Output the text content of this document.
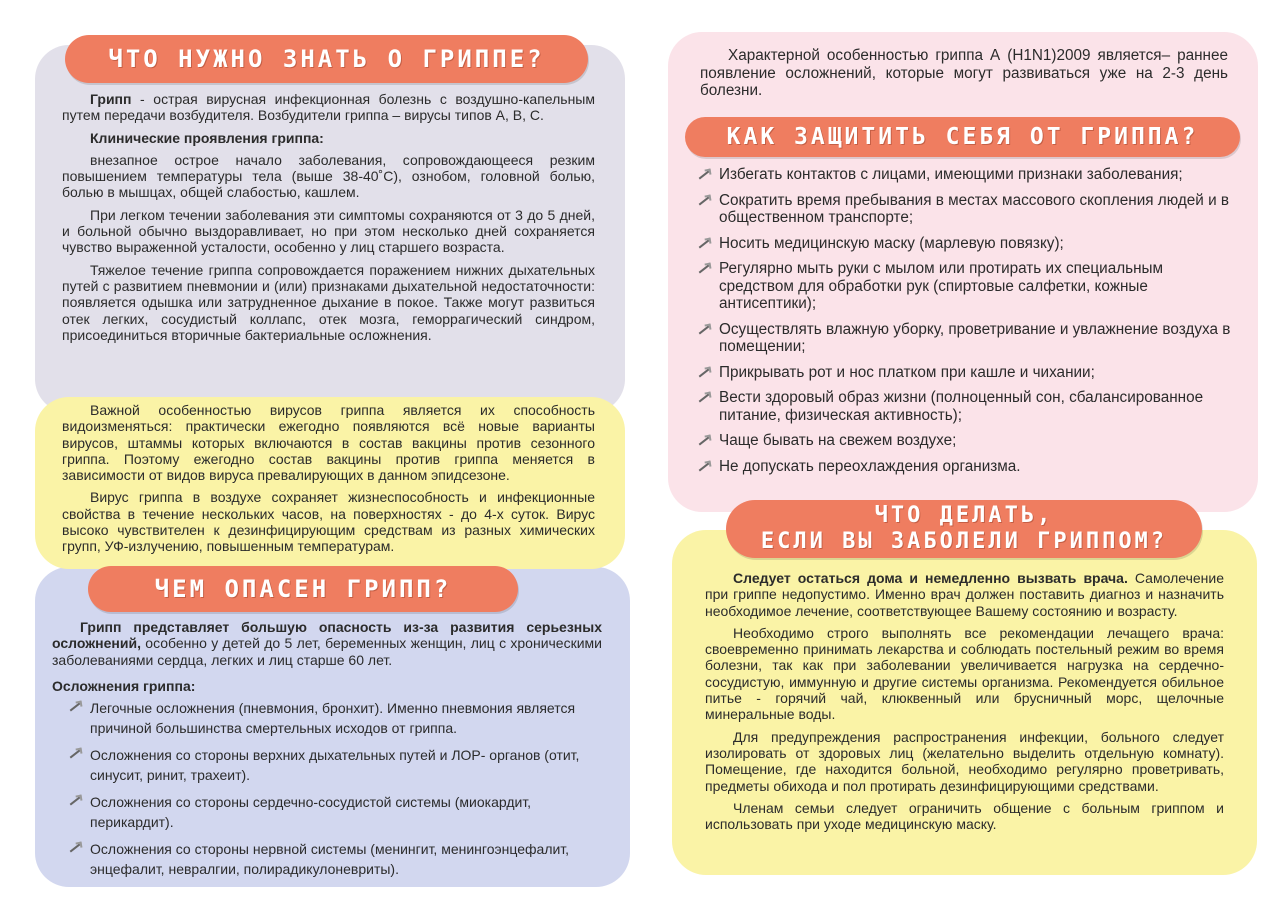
ЧТО НУЖНО ЗНАТЬ О ГРИППЕ?
КАК ЗАЩИТИТЬ СЕБЯ ОТ ГРИППА?
ЧЕМ ОПАСЕН ГРИПП?
ЧТО ДЕЛАТЬ,
ЕСЛИ ВЫ ЗАБОЛЕЛИ ГРИППОМ?

Грипп - острая вирусная инфекционная болезнь с воздушно-капельным путем передачи возбудителя. Возбудители гриппа – вирусы типов А, В, С.

Клинические проявления гриппа:

внезапное острое начало заболевания, сопровождающееся резким повышением температуры тела (выше 38-40˚С), ознобом, головной болью, болью в мышцах, общей слабостью, кашлем.

При легком течении заболевания эти симптомы сохраняются от 3 до 5 дней, и больной обычно выздоравливает, но при этом несколько дней сохраняется чувство выраженной усталости, особенно у лиц старшего возраста.

Тяжелое течение гриппа сопровождается поражением нижних дыхательных путей с развитием пневмонии и (или) признаками дыхательной недостаточности: появляется одышка или затрудненное дыхание в покое. Также могут развиться отек легких, сосудистый коллапс, отек мозга, геморрагический синдром, присоединиться вторичные бактериальные осложнения.

Важной особенностью вирусов гриппа является их способность видоизменяться: практически ежегодно появляются всё новые варианты вирусов, штаммы которых включаются в состав вакцины против сезонного гриппа. Поэтому ежегодно состав вакцины против гриппа меняется в зависимости от видов вируса превалирующих в данном эпидсезоне.

Вирус гриппа в воздухе сохраняет жизнеспособность и инфекционные свойства в течение нескольких часов, на поверхностях - до 4-х суток. Вирус высоко чувствителен к дезинфицирующим средствам из разных химических групп, УФ-излучению, повышенным температурам.

Грипп представляет большую опасность из-за развития серьезных осложнений, особенно у детей до 5 лет, беременных женщин, лиц с хроническими заболеваниями сердца, легких и лиц старше 60 лет.

Осложнения гриппа:

Легочные осложнения (пневмония, бронхит). Именно пневмония является причиной большинства смертельных исходов от гриппа.
Осложнения со стороны верхних дыхательных путей и ЛОР- органов (отит, синусит, ринит, трахеит).
Осложнения со стороны сердечно-сосудистой системы (миокардит, перикардит).
Осложнения со стороны нервной системы (менингит, менингоэнцефалит, энцефалит, невралгии, полирадикулоневриты).

Характерной особенностью гриппа А (H1N1)2009 является– раннее появление осложнений, которые могут развиваться уже на 2-3 день болезни.

Избегать контактов с лицами, имеющими признаки заболевания;
Сократить время пребывания в местах массового скопления людей и в общественном транспорте;
Носить медицинскую маску (марлевую повязку);
Регулярно мыть руки с мылом или протирать их специальным средством для обработки рук (спиртовые салфетки, кожные антисептики);
Осуществлять влажную уборку, проветривание и увлажнение воздуха в помещении;
Прикрывать рот и нос платком при кашле и чихании;
Вести здоровый образ жизни (полноценный сон, сбалансированное питание, физическая активность);
Чаще бывать на свежем воздухе;
Не допускать переохлаждения организма.

Следует остаться дома и немедленно вызвать врача. Самолечение при гриппе недопустимо. Именно врач должен поставить диагноз и назначить необходимое лечение, соответствующее Вашему состоянию и возрасту.

Необходимо строго выполнять все рекомендации лечащего врача: своевременно принимать лекарства и соблюдать постельный режим во время болезни, так как при заболевании увеличивается нагрузка на сердечно-сосудистую, иммунную и другие системы организма. Рекомендуется обильное питье - горячий чай, клюквенный или брусничный морс, щелочные минеральные воды.

Для предупреждения распространения инфекции, больного следует изолировать от здоровых лиц (желательно выделить отдельную комнату). Помещение, где находится больной, необходимо регулярно проветривать, предметы обихода и пол протирать дезинфицирующими средствами.

Членам семьи следует ограничить общение с больным гриппом и использовать при уходе медицинскую маску.
